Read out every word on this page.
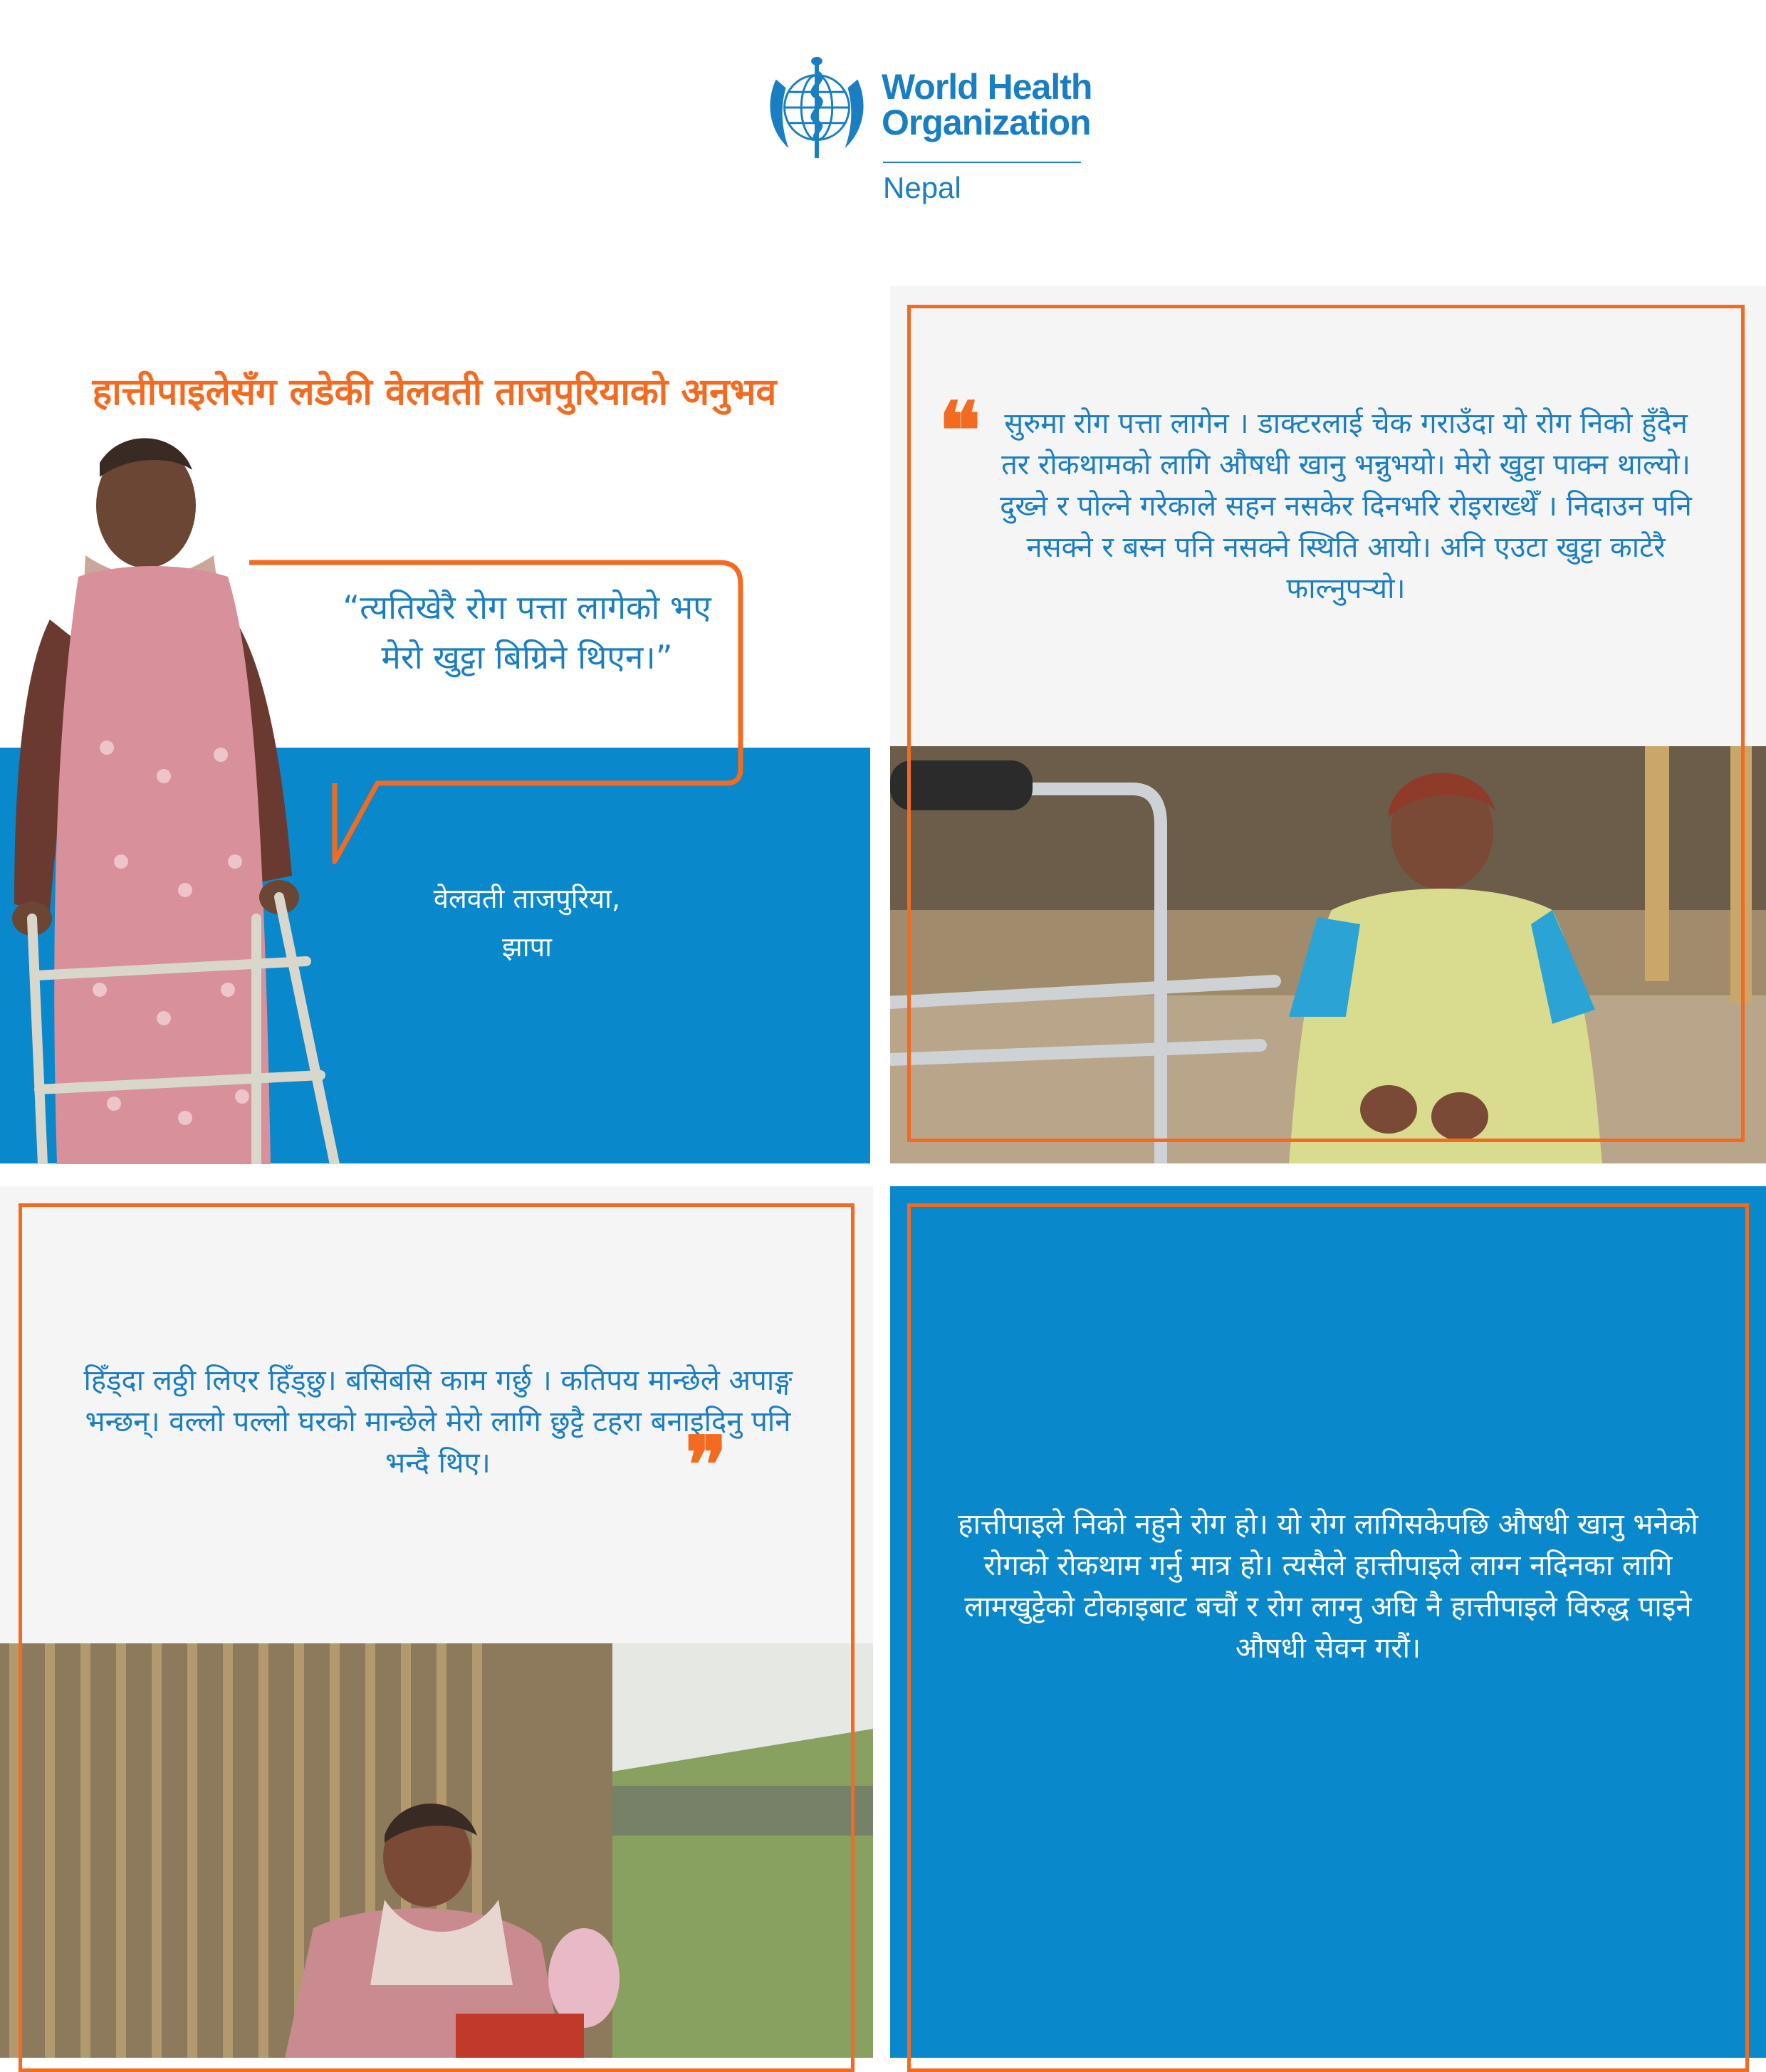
World Health
Organization
Nepal
हात्तीपाइलेसँग लडेकी वेलवती ताजपुरियाको अनुभव
“त्यतिखेरै रोग पत्ता लागेको भए मेरो खुट्टा बिग्रिने थिएन।”
वेलवती ताजपुरिया,
झापा
❝ सुरुमा रोग पत्ता लागेन । डाक्टरलाई चेक गराउँदा यो रोग निको हुँदैन तर रोकथामको लागि औषधी खानु भन्नुभयो। मेरो खुट्टा पाक्न थाल्यो। दुख्ने र पोल्ने गरेकाले सहन नसकेर दिनभरि रोइराख्थेँ । निदाउन पनि नसक्ने र बस्न पनि नसक्ने स्थिति आयो। अनि एउटा खुट्टा काटेरै फाल्नुपर्‍यो।
हिँड्दा लठ्ठी लिएर हिँड्छु। बसिबसि काम गर्छु । कतिपय मान्छेले अपाङ्ग भन्छन्। वल्लो पल्लो घरको मान्छेले मेरो लागि छुट्टै टहरा बनाइदिनु पनि भन्दै थिए।	❞
हात्तीपाइले निको नहुने रोग हो। यो रोग लागिसकेपछि औषधी खानु भनेको रोगको रोकथाम गर्नु मात्र हो। त्यसैले हात्तीपाइले लाग्न नदिनका लागि लामखुट्टेको टोकाइबाट बचौं र रोग लाग्नु अघि नै हात्तीपाइले विरुद्ध पाइने औषधी सेवन गरौं।
